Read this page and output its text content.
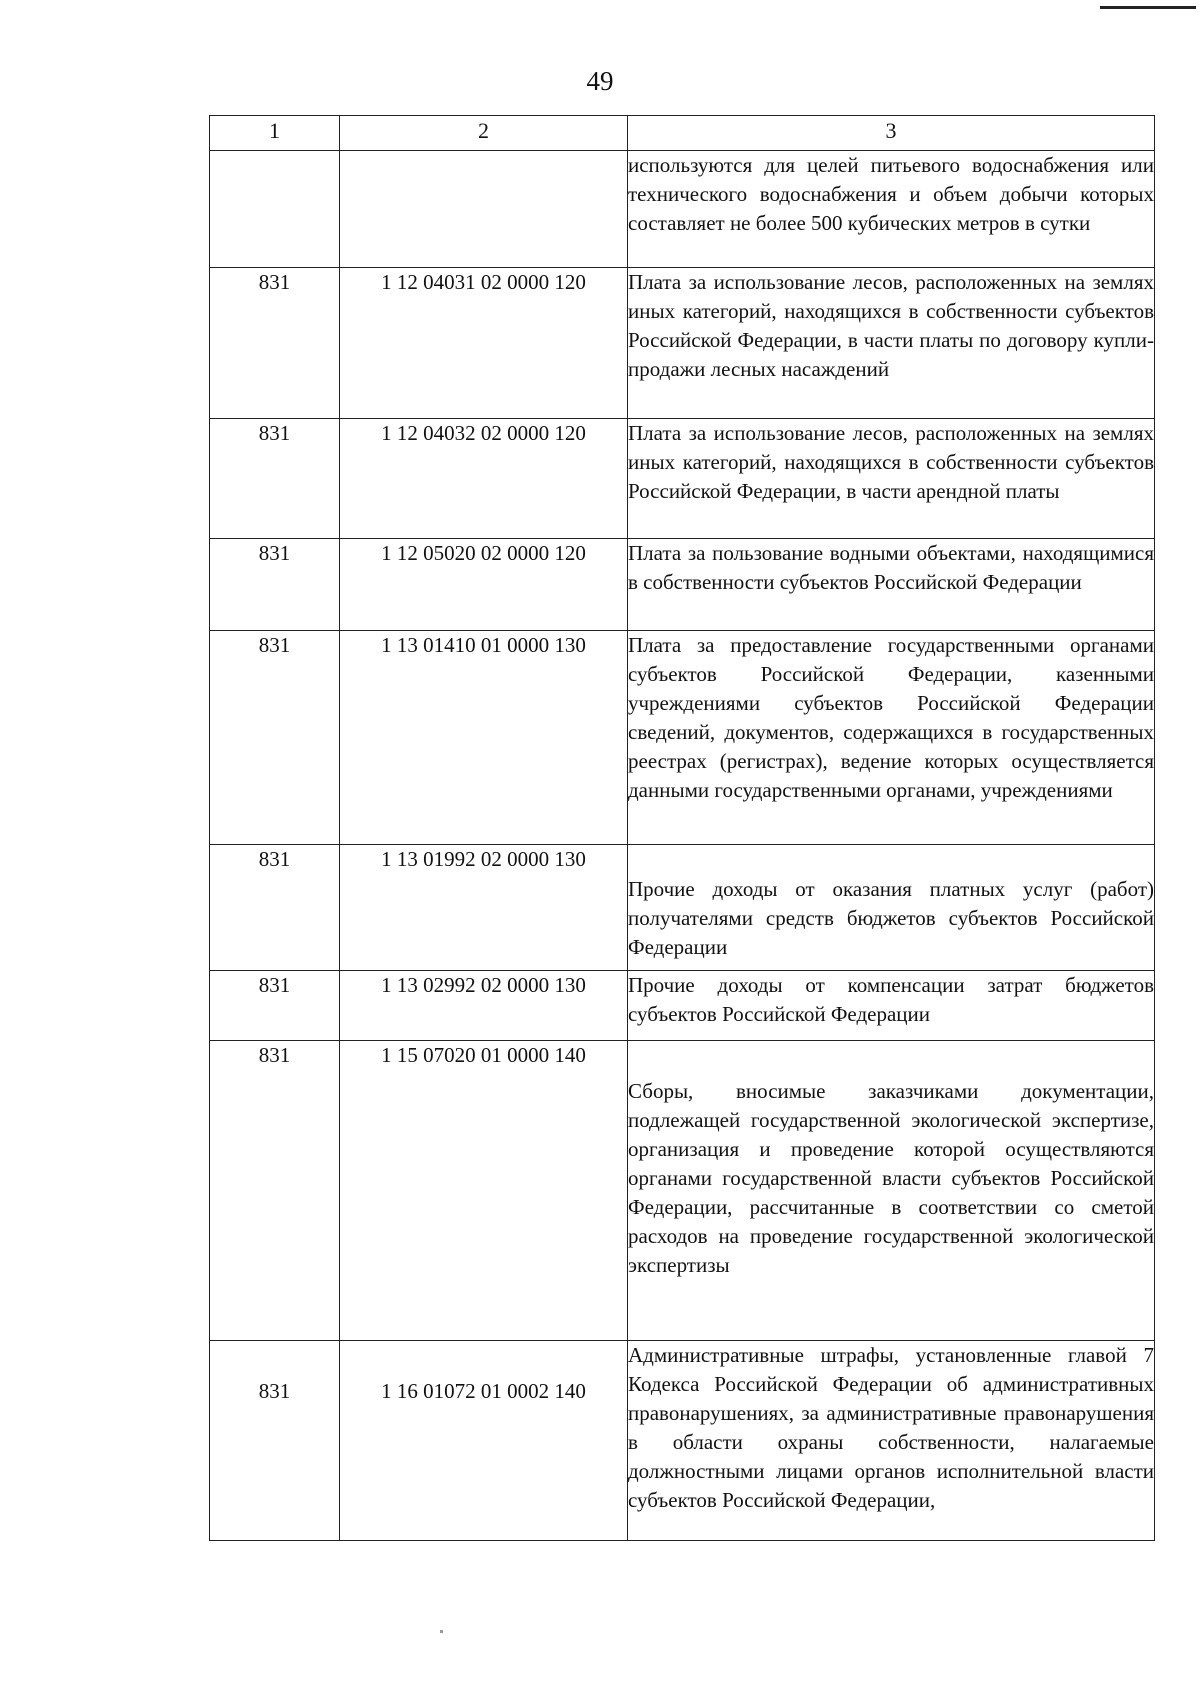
49
1	2	3

		используются для целей питьевого водоснабжения или технического водоснабжения и объем добычи которых составляет не более 500 кубических метров в сутки

831	1 12 04031 02 0000 120	Плата за использование лесов, расположенных на землях иных категорий, находящихся в собственности субъектов Российской Федерации, в части платы по договору купли-продажи лесных насаждений

831	1 12 04032 02 0000 120	Плата за использование лесов, расположенных на землях иных категорий, находящихся в собственности субъектов Российской Федерации, в части арендной платы

831	1 12 05020 02 0000 120	Плата за пользование водными объектами, находящимися в собственности субъектов Российской Федерации

831	1 13 01410 01 0000 130	Плата за предоставление государственными органами субъектов Российской Федерации, казенными учреждениями субъектов Российской Федерации сведений, документов, содержащихся в государственных реестрах (регистрах), ведение которых осуществляется данными государственными органами, учреждениями

831	1 13 01992 02 0000 130	Прочие доходы от оказания платных услуг (работ) получателями средств бюджетов субъектов Российской Федерации

831	1 13 02992 02 0000 130	Прочие доходы от компенсации затрат бюджетов субъектов Российской Федерации

831	1 15 07020 01 0000 140	Сборы, вносимые заказчиками документации, подлежащей государственной экологической экспертизе, организация и проведение которой осуществляются органами государственной власти субъектов Российской Федерации, рассчитанные в соответствии со сметой расходов на проведение государственной экологической экспертизы

831	1 16 01072 01 0002 140	Административные штрафы, установленные главой 7 Кодекса Российской Федерации об административных правонарушениях, за административные правонарушения в области охраны собственности, налагаемые должностными лицами органов исполнительной власти субъектов Российской Федерации,
